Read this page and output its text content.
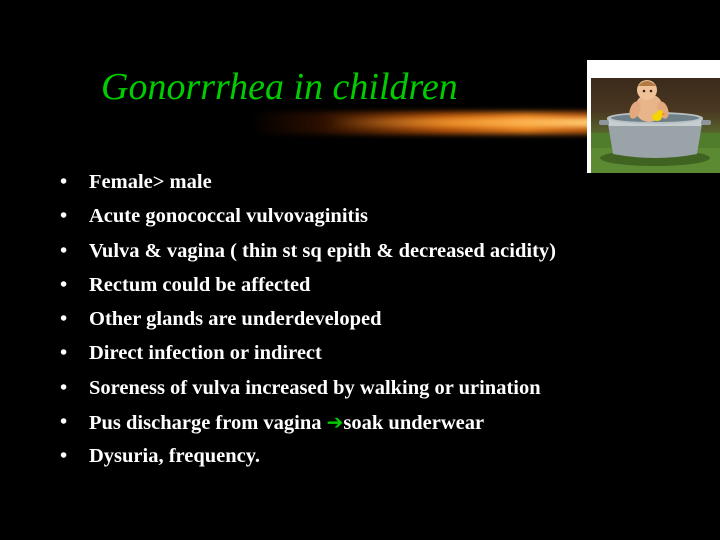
Gonorrrhea in children
•	Female> male
•	Acute gonococcal vulvovaginitis
•	Vulva & vagina ( thin st sq epith & decreased acidity)
•	Rectum could be affected
•	Other glands are underdeveloped
•	Direct infection or indirect
•	Soreness of vulva increased by walking or urination
•	Pus discharge from vagina ➔soak underwear
•	Dysuria, frequency.
